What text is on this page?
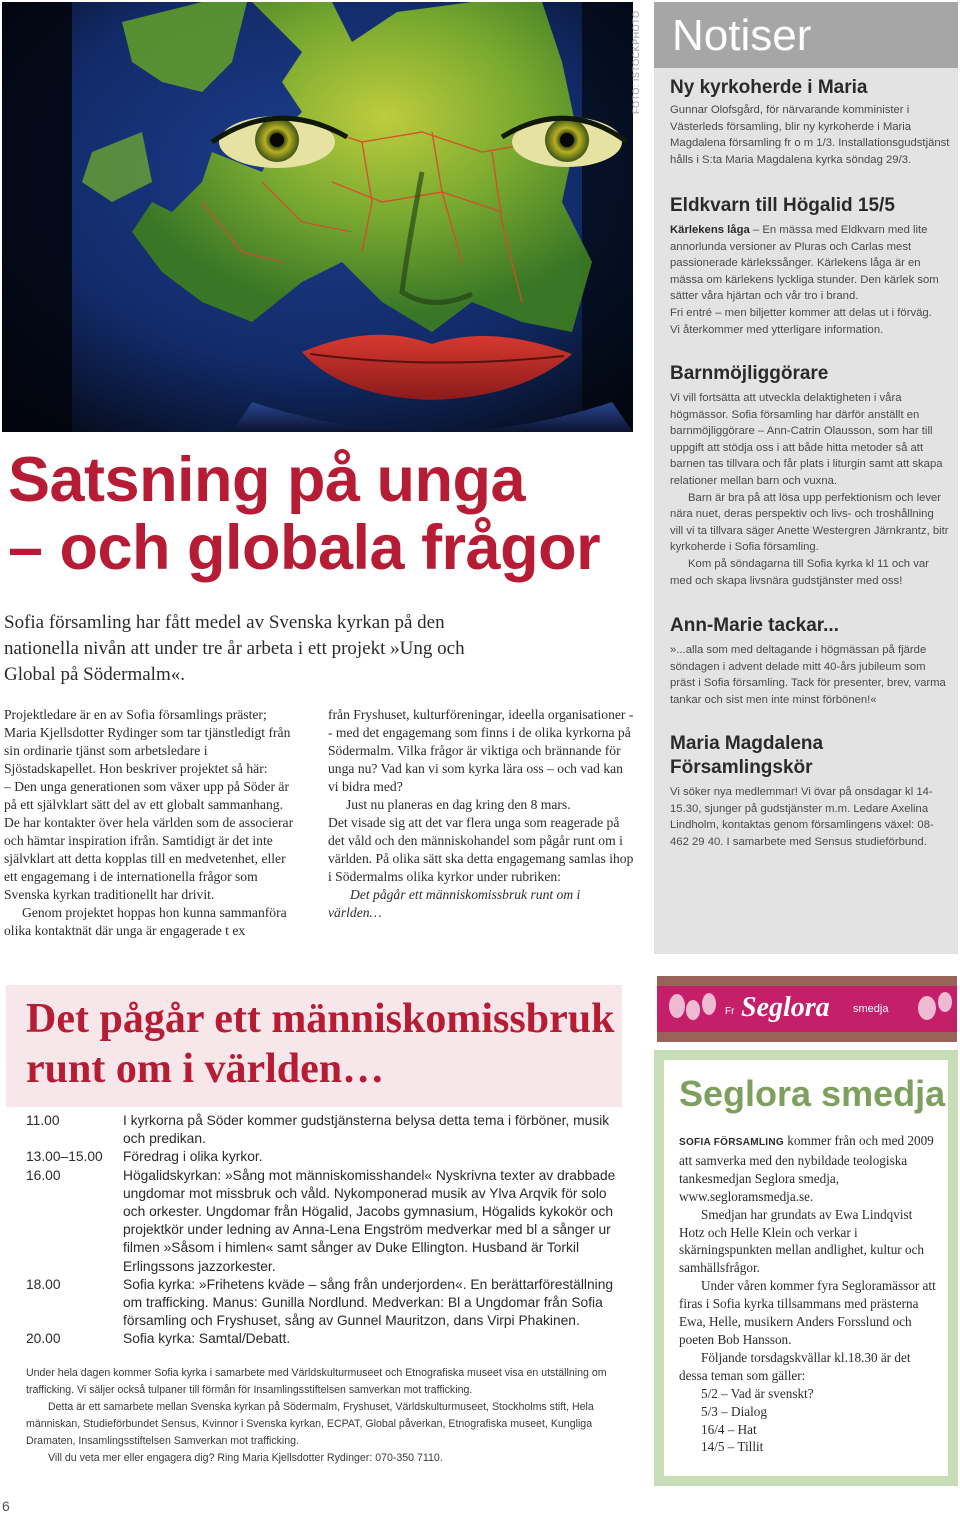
FOTO: ISTOCKPHOTO
Satsning på unga
– och globala frågor

Sofia församling har fått medel av Svenska kyrkan på den nationella nivån att under tre år arbeta i ett projekt »Ung och Global på Södermalm«.

Projektledare är en av Sofia församlings präster; Maria Kjellsdotter Rydinger som tar tjänstledigt från sin ordinarie tjänst som arbetsledare i Sjöstadskapellet. Hon beskriver projektet så här:

– Den unga generationen som växer upp på Söder är på ett självklart sätt del av ett globalt sammanhang. De har kontakter över hela världen som de associerar och hämtar inspiration ifrån. Samtidigt är det inte självklart att detta kopplas till en medvetenhet, eller ett engagemang i de internationella frågor som Svenska kyrkan traditionellt har drivit.

Genom projektet hoppas hon kunna sammanföra olika kontaktnät där unga är engagerade t ex

från Fryshuset, kulturföreningar, ideella organisationer -- med det engagemang som finns i de olika kyrkorna på Södermalm. Vilka frågor är viktiga och brännande för unga nu? Vad kan vi som kyrka lära oss – och vad kan vi bidra med?

Just nu planeras en dag kring den 8 mars.

Det visade sig att det var flera unga som reagerade på det våld och den människohandel som pågår runt om i världen. På olika sätt ska detta engagemang samlas ihop i Södermalms olika kyrkor under rubriken:

Det pågår ett människomissbruk runt om i världen…

Notiser
Ny kyrkoherde i Maria

Gunnar Olofsgård, för närvarande komminister i Västerleds församling, blir ny kyrkoherde i Maria Magdalena församling fr o m 1/3. Installationsgudstjänst hålls i S:ta Maria Magdalena kyrka söndag 29/3.

Eldkvarn till Högalid 15/5

Kärlekens låga – En mässa med Eldkvarn med lite annorlunda versioner av Pluras och Carlas mest passionerade kärlekssånger. Kärlekens låga är en mässa om kärlekens lyckliga stunder. Den kärlek som sätter våra hjärtan och vår tro i brand.

Fri entré – men biljetter kommer att delas ut i förväg.

Vi återkommer med ytterligare information.

Barnmöjliggörare

Vi vill fortsätta att utveckla delaktigheten i våra högmässor. Sofia församling har därför anställt en barnmöjliggörare – Ann-Catrin Olausson, som har till uppgift att stödja oss i att både hitta metoder så att barnen tas tillvara och får plats i liturgin samt att skapa relationer mellan barn och vuxna.

Barn är bra på att lösa upp perfektionism och lever nära nuet, deras perspektiv och livs- och troshållning vill vi ta tillvara säger Anette Westergren Järnkrantz, bitr kyrkoherde i Sofia församling.

Kom på söndagarna till Sofia kyrka kl 11 och var med och skapa livsnära gudstjänster med oss!

Ann-Marie tackar...

»...alla som med deltagande i högmässan på fjärde söndagen i advent delade mitt 40-års jubileum som präst i Sofia församling. Tack för presenter, brev, varma tankar och sist men inte minst förbönen!«

Maria Magdalena
Församlingskör

Vi söker nya medlemmar! Vi övar på onsdagar kl 14-15.30, sjunger på gudstjänster m.m. Ledare Axelina Lindholm, kontaktas genom församlingens växel: 08-462 29 40. I samarbete med Sensus studieförbund.

Det pågår ett människomissbruk
runt om i världen…
11.00	I kyrkorna på Söder kommer gudstjänsterna belysa detta tema i förböner, musik och predikan.
13.00–15.00	Föredrag i olika kyrkor.
16.00	Högalidskyrkan: »Sång mot människomisshandel« Nyskrivna texter av drabbade ungdomar mot missbruk och våld. Nykomponerad musik av Ylva Arqvik för solo och orkester. Ungdomar från Högalid, Jacobs gymnasium, Högalids kykokör och projektkör under ledning av Anna-Lena Engström medverkar med bl a sånger ur filmen »Såsom i himlen« samt sånger av Duke Ellington. Husband är Torkil Erlingssons jazzorkester.
18.00	Sofia kyrka: »Frihetens kväde – sång från underjorden«. En berättarföreställning om trafficking. Manus: Gunilla Nordlund. Medverkan: Bl a Ungdomar från Sofia församling och Fryshuset, sång av Gunnel Mauritzon, dans Virpi Phakinen.
20.00	Sofia kyrka: Samtal/Debatt.

Under hela dagen kommer Sofia kyrka i samarbete med Världskulturmuseet och Etnografiska museet visa en utställning om trafficking. Vi säljer också tulpaner till förmån för Insamlingsstiftelsen samverkan mot trafficking.

Detta är ett samarbete mellan Svenska kyrkan på Södermalm, Fryshuset, Världskulturmuseet, Stockholms stift, Hela människan, Studieförbundet Sensus, Kvinnor i Svenska kyrkan, ECPAT, Global påverkan, Etnografiska museet, Kungliga Dramaten, Insamlingsstiftelsen Samverkan mot trafficking.

Vill du veta mer eller engagera dig? Ring Maria Kjellsdotter Rydinger: 070-350 7110.

Fr Seglora smedja
Seglora smedja

SOFIA FÖRSAMLING kommer från och med 2009 att samverka med den nybildade teologiska tankesmedjan Seglora smedja, www.segloramsmedja.se.

Smedjan har grundats av Ewa Lindqvist Hotz och Helle Klein och verkar i skärningspunkten mellan andlighet, kultur och samhällsfrågor.

Under våren kommer fyra Segloramässor att firas i Sofia kyrka tillsammans med prästerna Ewa, Helle, musikern Anders Forsslund och poeten Bob Hansson.

Följande torsdagskvällar kl.18.30 är det dessa teman som gäller:

5/2 – Vad är svenskt?
5/3 – Dialog
16/4 – Hat
14/5 – Tillit
6
